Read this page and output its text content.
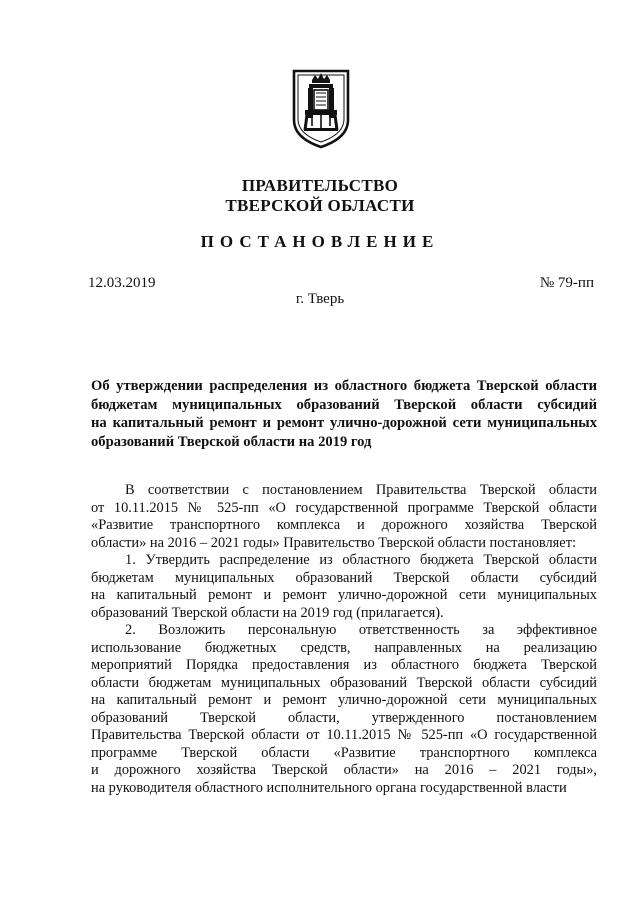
ПРАВИТЕЛЬСТВО
ТВЕРСКОЙ ОБЛАСТИ
ПОСТАНОВЛЕНИЕ
12.03.2019	№ 79-пп
г. Тверь
Об утверждении распределения из областного бюджета Тверской области
бюджетам муниципальных образований Тверской области субсидий
на капитальный ремонт и ремонт улично-дорожной сети муниципальных
образований Тверской области на 2019 год
В соответствии с постановлением Правительства Тверской области
от 10.11.2015 № 525-пп «О государственной программе Тверской области
«Развитие транспортного комплекса и дорожного хозяйства Тверской
области» на 2016 – 2021 годы» Правительство Тверской области постановляет:
1. Утвердить распределение из областного бюджета Тверской области
бюджетам муниципальных образований Тверской области субсидий
на капитальный ремонт и ремонт улично-дорожной сети муниципальных
образований Тверской области на 2019 год (прилагается).
2. Возложить персональную ответственность за эффективное
использование бюджетных средств, направленных на реализацию
мероприятий Порядка предоставления из областного бюджета Тверской
области бюджетам муниципальных образований Тверской области субсидий
на капитальный ремонт и ремонт улично-дорожной сети муниципальных
образований Тверской области, утвержденного постановлением
Правительства Тверской области от 10.11.2015 № 525-пп «О государственной
программе Тверской области «Развитие транспортного комплекса
и дорожного хозяйства Тверской области» на 2016 – 2021 годы»,
на руководителя областного исполнительного органа государственной власти
